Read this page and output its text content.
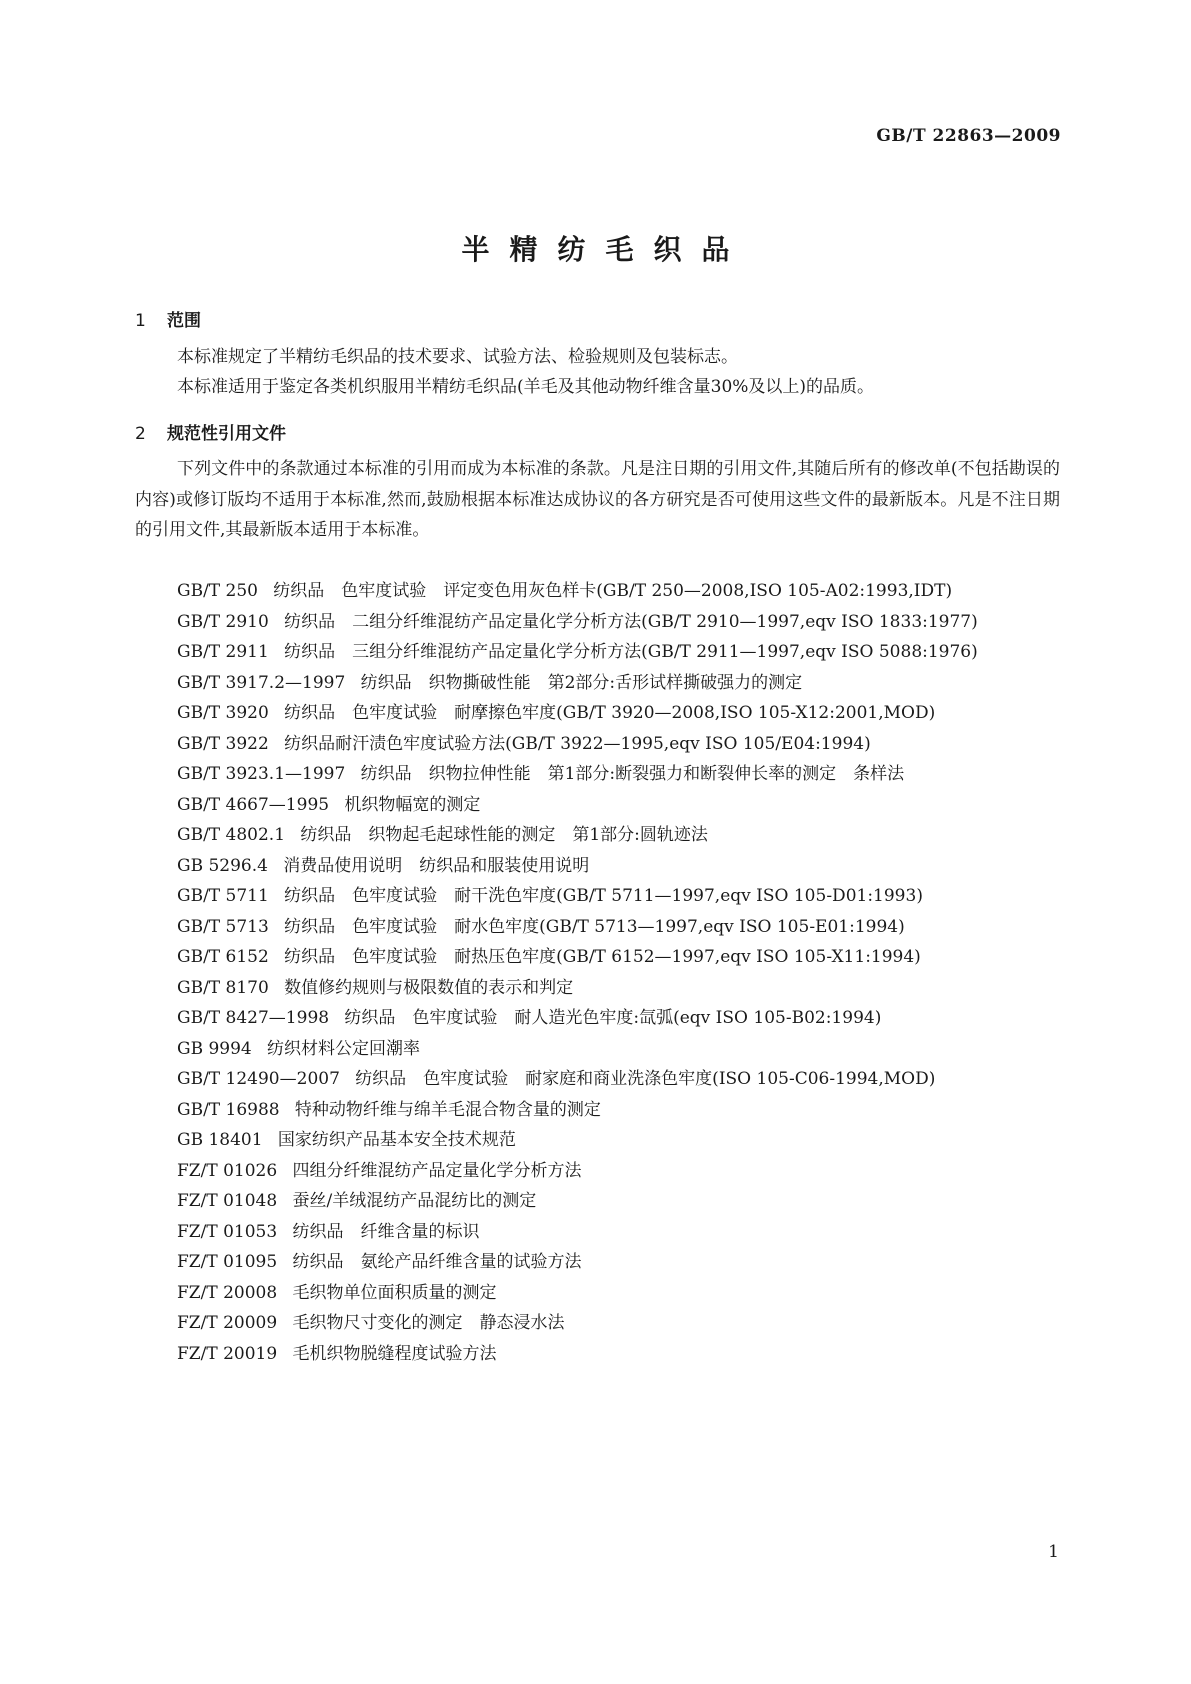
GB/T 22863—2009
半精纺毛织品
1 范围
本标准规定了半精纺毛织品的技术要求、试验方法、检验规则及包装标志。
本标准适用于鉴定各类机织服用半精纺毛织品(羊毛及其他动物纤维含量30%及以上)的品质。
2 规范性引用文件
下列文件中的条款通过本标准的引用而成为本标准的条款。凡是注日期的引用文件,其随后所有的修改单(不包括勘误的内容)或修订版均不适用于本标准,然而,鼓励根据本标准达成协议的各方研究是否可使用这些文件的最新版本。凡是不注日期的引用文件,其最新版本适用于本标准。
GB/T 250 纺织品　色牢度试验　评定变色用灰色样卡(GB/T 250—2008,ISO 105-A02:1993,IDT)
GB/T 2910 纺织品　二组分纤维混纺产品定量化学分析方法(GB/T 2910—1997,eqv ISO 1833:1977)
GB/T 2911 纺织品　三组分纤维混纺产品定量化学分析方法(GB/T 2911—1997,eqv ISO 5088:1976)
GB/T 3917.2—1997 纺织品　织物撕破性能　第2部分:舌形试样撕破强力的测定
GB/T 3920 纺织品　色牢度试验　耐摩擦色牢度(GB/T 3920—2008,ISO 105-X12:2001,MOD)
GB/T 3922 纺织品耐汗渍色牢度试验方法(GB/T 3922—1995,eqv ISO 105/E04:1994)
GB/T 3923.1—1997 纺织品　织物拉伸性能　第1部分:断裂强力和断裂伸长率的测定　条样法
GB/T 4667—1995 机织物幅宽的测定
GB/T 4802.1 纺织品　织物起毛起球性能的测定　第1部分:圆轨迹法
GB 5296.4 消费品使用说明　纺织品和服装使用说明
GB/T 5711 纺织品　色牢度试验　耐干洗色牢度(GB/T 5711—1997,eqv ISO 105-D01:1993)
GB/T 5713 纺织品　色牢度试验　耐水色牢度(GB/T 5713—1997,eqv ISO 105-E01:1994)
GB/T 6152 纺织品　色牢度试验　耐热压色牢度(GB/T 6152—1997,eqv ISO 105-X11:1994)
GB/T 8170 数值修约规则与极限数值的表示和判定
GB/T 8427—1998 纺织品　色牢度试验　耐人造光色牢度:氙弧(eqv ISO 105-B02:1994)
GB 9994 纺织材料公定回潮率
GB/T 12490—2007 纺织品　色牢度试验　耐家庭和商业洗涤色牢度(ISO 105-C06-1994,MOD)
GB/T 16988 特种动物纤维与绵羊毛混合物含量的测定
GB 18401 国家纺织产品基本安全技术规范
FZ/T 01026 四组分纤维混纺产品定量化学分析方法
FZ/T 01048 蚕丝/羊绒混纺产品混纺比的测定
FZ/T 01053 纺织品　纤维含量的标识
FZ/T 01095 纺织品　氨纶产品纤维含量的试验方法
FZ/T 20008 毛织物单位面积质量的测定
FZ/T 20009 毛织物尺寸变化的测定　静态浸水法
FZ/T 20019 毛机织物脱缝程度试验方法
1
